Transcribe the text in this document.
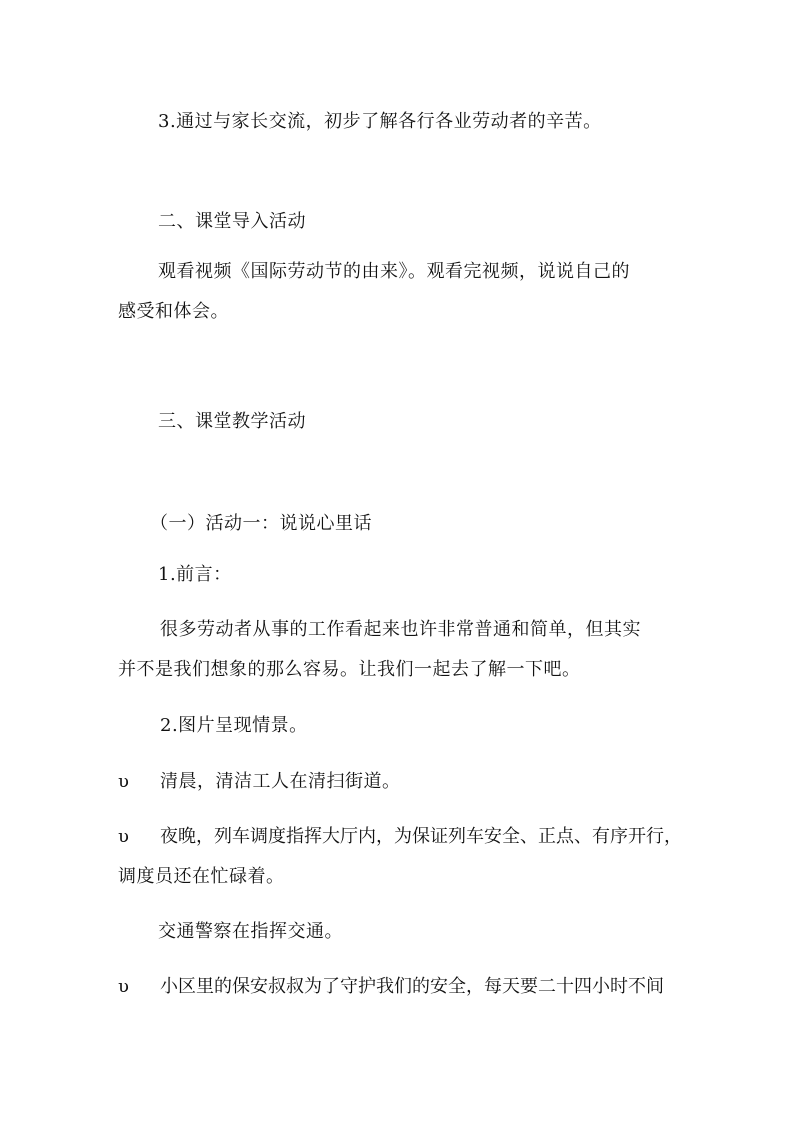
3.通过与家长交流，初步了解各行各业劳动者的辛苦。
二、课堂导入活动
观看视频《国际劳动节的由来》。观看完视频，说说自己的
感受和体会。
三、课堂教学活动
（一）活动一：说说心里话
1.前言：
很多劳动者从事的工作看起来也许非常普通和简单，但其实
并不是我们想象的那么容易。让我们一起去了解一下吧。
2.图片呈现情景。
υ 清晨，清洁工人在清扫街道。
υ 夜晚，列车调度指挥大厅内，为保证列车安全、正点、有序开行，
调度员还在忙碌着。
交通警察在指挥交通。
υ 小区里的保安叔叔为了守护我们的安全，每天要二十四小时不间
